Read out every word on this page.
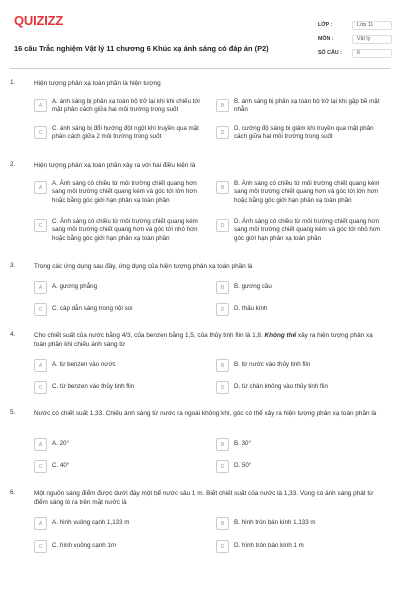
QUIZIZZ
16 câu Trắc nghiệm Vật lý 11 chương 6 Khúc xạ ánh sáng có đáp án (P2)
LỚP :	Lớp 11
MÔN :	Vật lý
SỐ CÂU :	6
1.	Hiện tượng phản xạ toàn phần là hiện tượng
A
A. ánh sáng bị phản xạ toàn bộ trở lại khi khi chiếu tới mặt phân cách giữa hai môi trường trong suốt
B
B. ánh sáng bị phản xạ toàn bộ trở lại khi gặp bề mặt nhẵn
C
C. ánh sáng bị đổi hướng đột ngột khi truyền qua mặt phân cách giữa 2 môi trường trong suốt
D
D. cường độ sáng bị giảm khi truyền qua mặt phân cách giữa hai môi trường trong suốt
2.	Hiện tượng phản xạ toàn phần xảy ra với hai điều kiện là
A
A. Ánh sáng có chiều từ môi trường chiết quang hơn sang môi trường chiết quang kém và góc tới lớn hơn hoặc bằng góc giới hạn phản xạ toàn phần
B
B. Ánh sáng có chiều từ môi trường chiết quang kém sang môi trường chiết quang hơn và góc tới lớn hơn hoặc bằng góc giới hạn phản xạ toàn phần
C
C. Ánh sáng có chiều từ môi trường chiết quang kém sang môi trường chiết quang hơn và góc tới nhỏ hơn hoặc bằng góc giới hạn phản xạ toàn phần
D
D. Ánh sáng có chiều từ môi trường chiết quang hơn sang môi trường chiết quang kém và góc tới nhỏ hơn góc giới hạn phản xạ toàn phần
3.	Trong các ứng dụng sau đây, ứng dụng của hiện tượng phản xạ toàn phần là
A	A. gương phẳng	B	B. gương cầu
C	C. cáp dẫn sáng trong nội soi	D	D. thấu kính
4.	Cho chiết suất của nước bằng 4/3, của benzen bằng 1,5, của thủy tinh flin là 1,8. Không thể xảy ra hiện tượng phản xạ toàn phần khi chiếu ánh sáng từ
A	A. từ benzen vào nước	B	B. từ nước vào thủy tinh flin
C	C. từ benzen vào thủy tinh flin	D	D. từ chân không vào thủy tinh flin
5.	Nước có chiết suất 1,33. Chiếu ánh sáng từ nước ra ngoài không khí, góc có thể xảy ra hiện tượng phản xạ toàn phần là
A	A. 20°	B	B. 30°
C	C. 40°	D	D. 50°
6.	Một nguồn sáng điểm được dưới đáy một bể nước sâu 1 m. Biết chiết suất của nước là 1,33. Vùng có ánh sáng phát từ điểm sáng ló ra trên mặt nước là
A	A. hình vuông cạnh 1,133 m	B	B. hình tròn bán kính 1,133 m
C	C. hình vuông cạnh 1m	D	D. hình tròn bán kính 1 m
